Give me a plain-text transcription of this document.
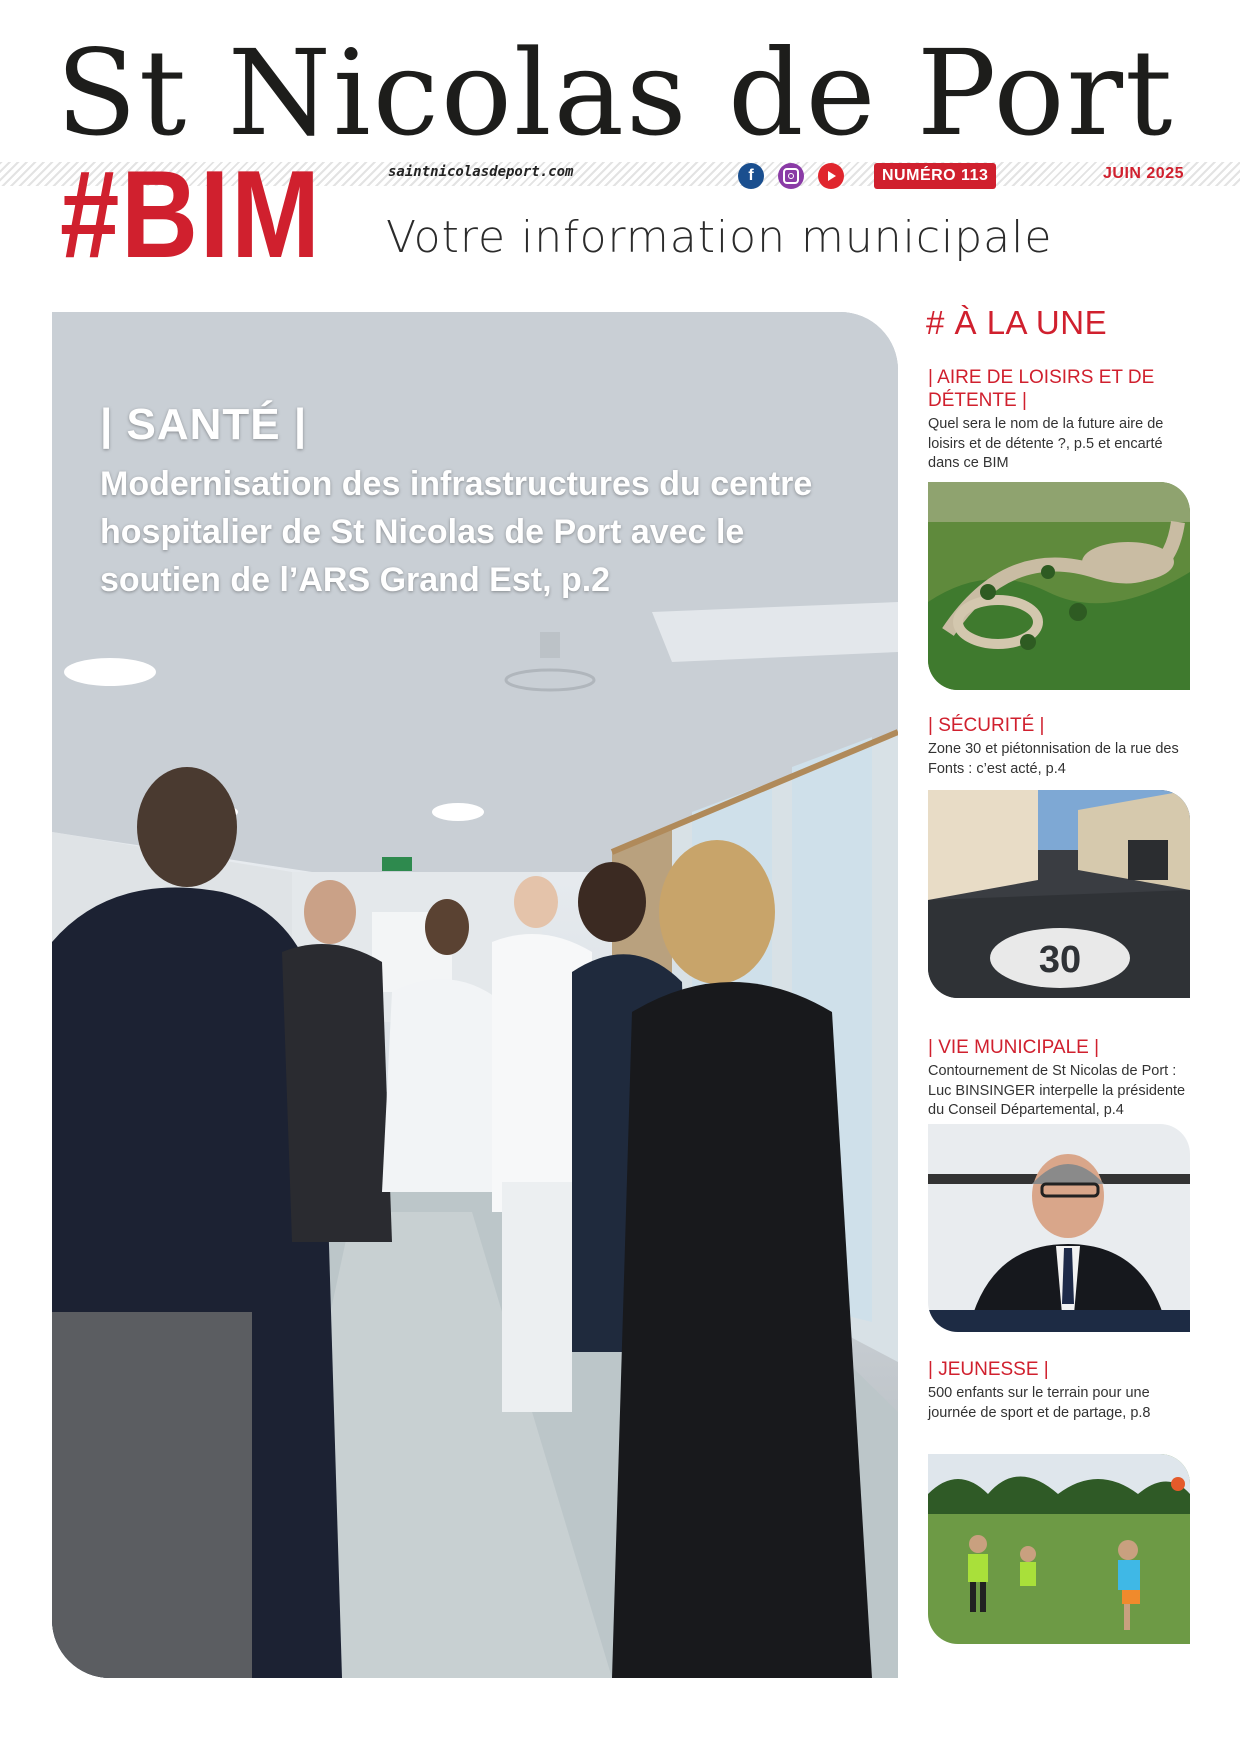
St Nicolas de Port
#BIM	saintnicolasdeport.com	f	NUMÉRO 113	JUIN 2025
Votre information municipale
| SANTÉ |
Modernisation des infrastructures du centre hospitalier de St Nicolas de Port avec le soutien de l’ARS Grand Est, p.2
# À LA UNE

| AIRE DE LOISIRS ET DE DÉTENTE |

Quel sera le nom de la future aire de loisirs et de détente ?, p.5 et encarté dans ce BIM

| SÉCURITÉ |

Zone 30 et piétonnisation de la rue des Fonts : c’est acté, p.4

30

| VIE MUNICIPALE |

Contournement de St Nicolas de Port : Luc BINSINGER interpelle la présidente du Conseil Départemental, p.4

| JEUNESSE |

500 enfants sur le terrain pour une journée de sport et de partage, p.8
